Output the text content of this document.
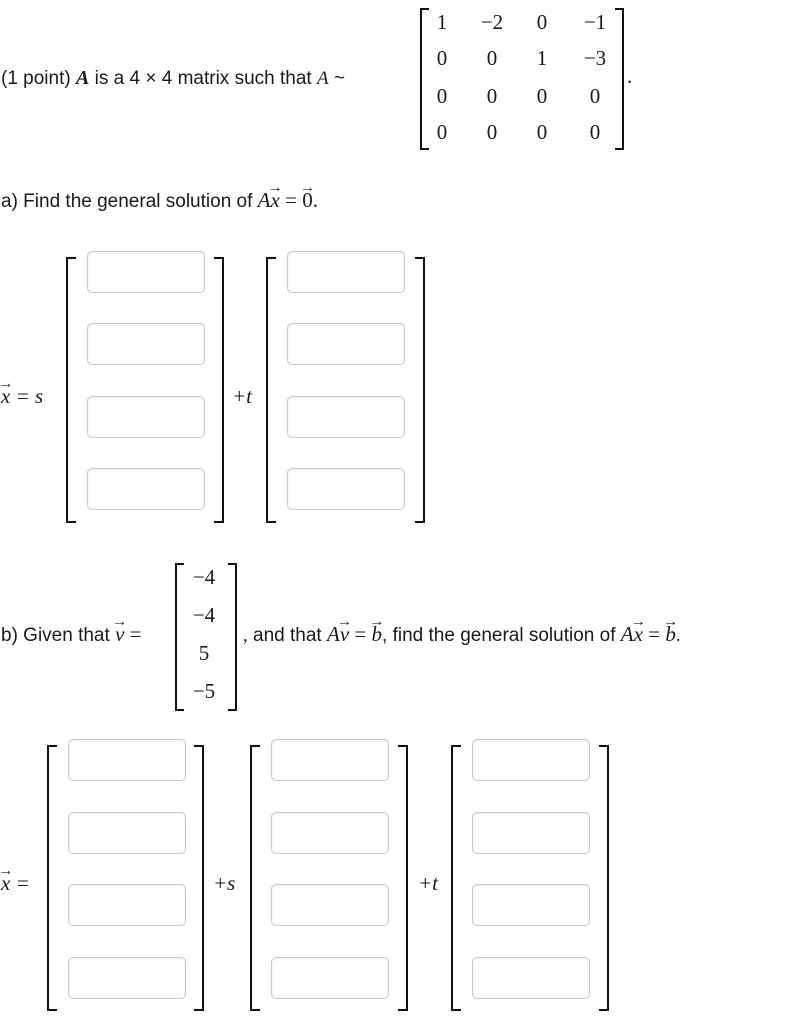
(1 point) A is a 4 × 4 matrix such that A ~
1	−2	0	−1
0	0	1	−3
0	0	0	0
0	0	0	0
.
a) Find the general solution of A→ x = → 0.
→ x = s	+t
b) Given that → v =
−4
−4
5
−5
, and that A→ v = → b, find the general solution of A→ x = → b.
→ x =	+s	+t
